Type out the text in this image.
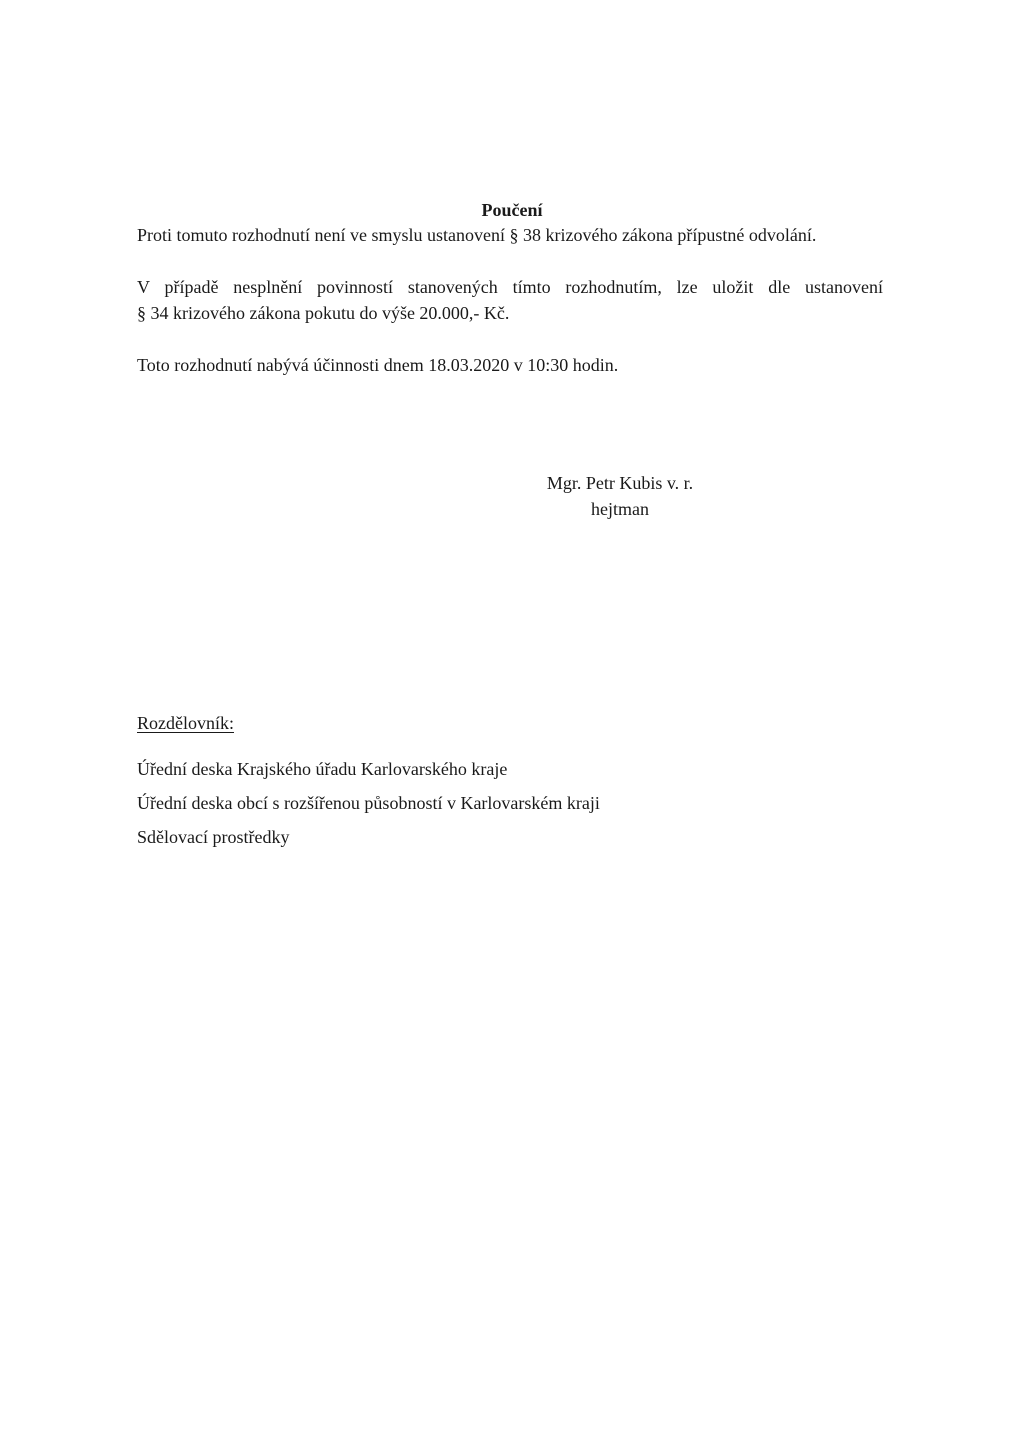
Poučení
Proti tomuto rozhodnutí není ve smyslu ustanovení § 38 krizového zákona přípustné odvolání.
V případě nesplnění povinností stanovených tímto rozhodnutím, lze uložit dle ustanovení
§ 34 krizového zákona pokutu do výše 20.000,- Kč.
Toto rozhodnutí nabývá účinnosti dnem 18.03.2020 v 10:30 hodin.
Mgr. Petr Kubis v. r.
hejtman
Rozdělovník:
Úřední deska Krajského úřadu Karlovarského kraje
Úřední deska obcí s rozšířenou působností v Karlovarském kraji
Sdělovací prostředky
